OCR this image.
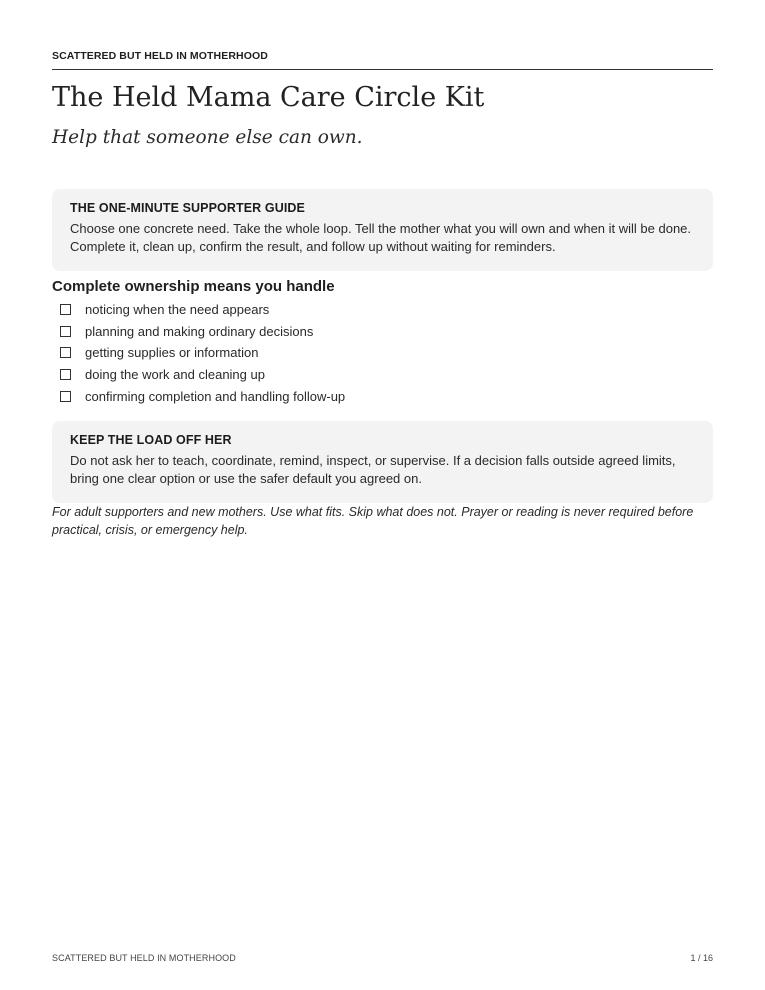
SCATTERED BUT HELD IN MOTHERHOOD
The Held Mama Care Circle Kit
Help that someone else can own.
THE ONE-MINUTE SUPPORTER GUIDE

Choose one concrete need. Take the whole loop. Tell the mother what you will own and when it will be done. Complete it, clean up, confirm the result, and follow up without waiting for reminders.

Complete ownership means you handle
noticing when the need appears
planning and making ordinary decisions
getting supplies or information
doing the work and cleaning up
confirming completion and handling follow-up
KEEP THE LOAD OFF HER

Do not ask her to teach, coordinate, remind, inspect, or supervise. If a decision falls outside agreed limits, bring one clear option or use the safer default you agreed on.

For adult supporters and new mothers. Use what fits. Skip what does not. Prayer or reading is never required before practical, crisis, or emergency help.

SCATTERED BUT HELD IN MOTHERHOOD	1 / 16
